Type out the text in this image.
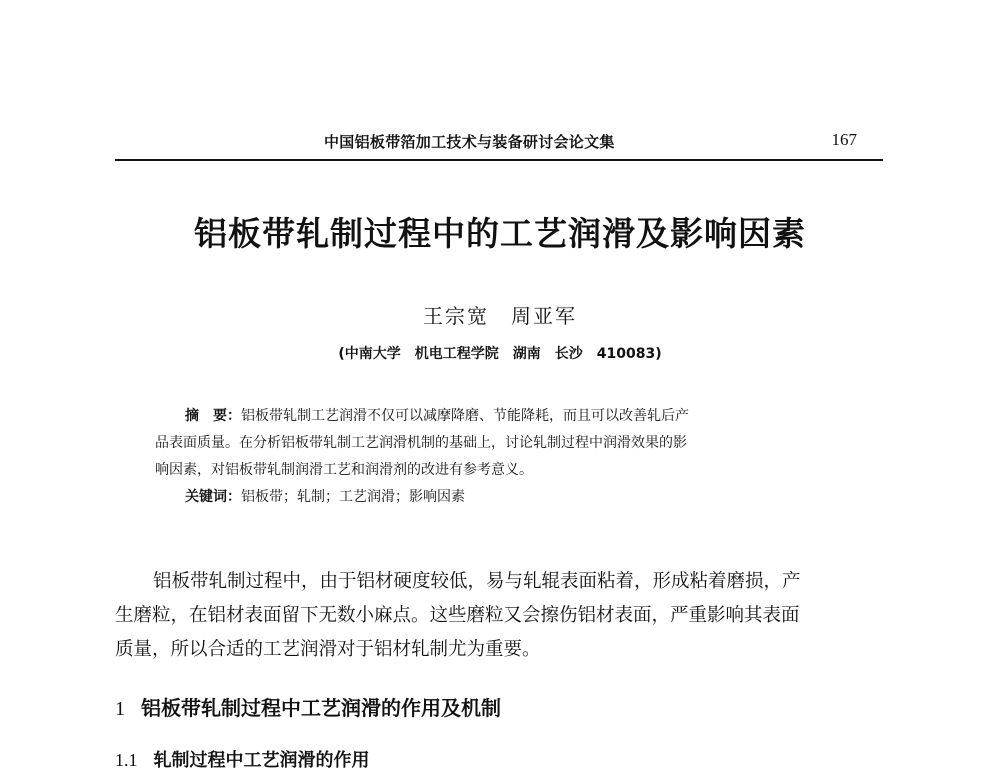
中国铝板带箔加工技术与装备研讨会论文集	167
铝板带轧制过程中的工艺润滑及影响因素
王宗宽　周亚军
(中南大学　机电工程学院　湖南　长沙　410083)
摘　要：铝板带轧制工艺润滑不仅可以减摩降磨、节能降耗，而且可以改善轧后产
品表面质量。在分析铝板带轧制工艺润滑机制的基础上，讨论轧制过程中润滑效果的影
响因素，对铝板带轧制润滑工艺和润滑剂的改进有参考意义。
关键词：铝板带；轧制；工艺润滑；影响因素
铝板带轧制过程中，由于铝材硬度较低，易与轧辊表面粘着，形成粘着磨损，产
生磨粒，在铝材表面留下无数小麻点。这些磨粒又会擦伤铝材表面，严重影响其表面
质量，所以合适的工艺润滑对于铝材轧制尤为重要。
1 铝板带轧制过程中工艺润滑的作用及机制
1.1 轧制过程中工艺润滑的作用
